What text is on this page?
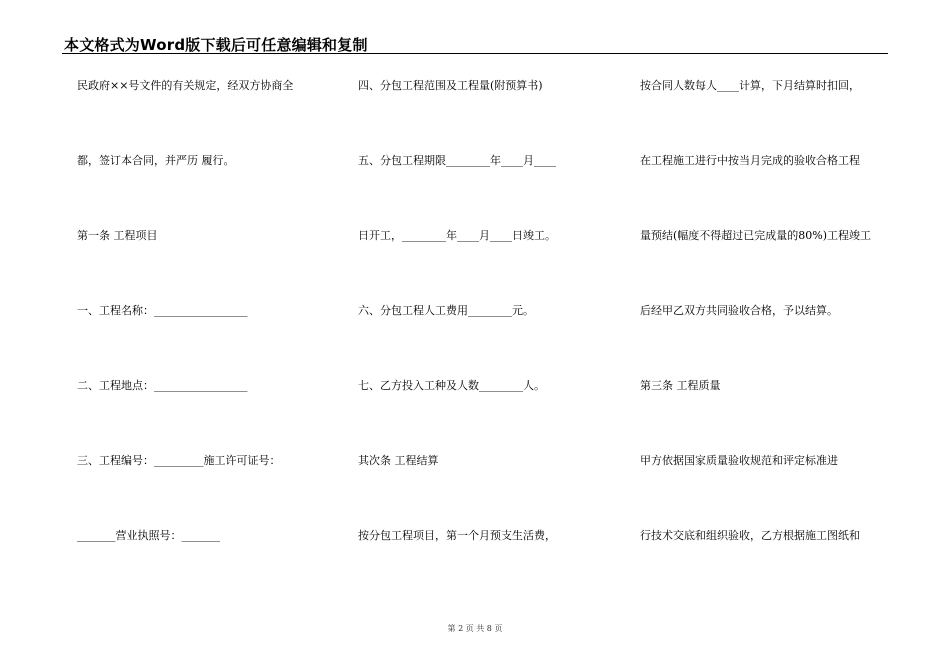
本文格式为Word版下载后可任意编辑和复制
民政府××号文件的有关规定，经双方协商全
都，签订本合同，并严历 履行。
第一条 工程项目
一、工程名称：_________________
二、工程地点：_________________
三、工程编号：_________施工许可证号：
_______营业执照号：_______
四、分包工程范围及工程量(附预算书)
五、分包工程期限________年____月____
日开工，________年____月____日竣工。
六、分包工程人工费用________元。
七、乙方投入工种及人数________人。
其次条 工程结算
按分包工程项目，第一个月预支生活费，
按合同人数每人____计算，下月结算时扣回，
在工程施工进行中按当月完成的验收合格工程
量预结(幅度不得超过已完成量的80%)工程竣工
后经甲乙双方共同验收合格，予以结算。
第三条 工程质量
甲方依据国家质量验收规范和评定标准进
行技术交底和组织验收，乙方根据施工图纸和
第 2 页 共 8 页
